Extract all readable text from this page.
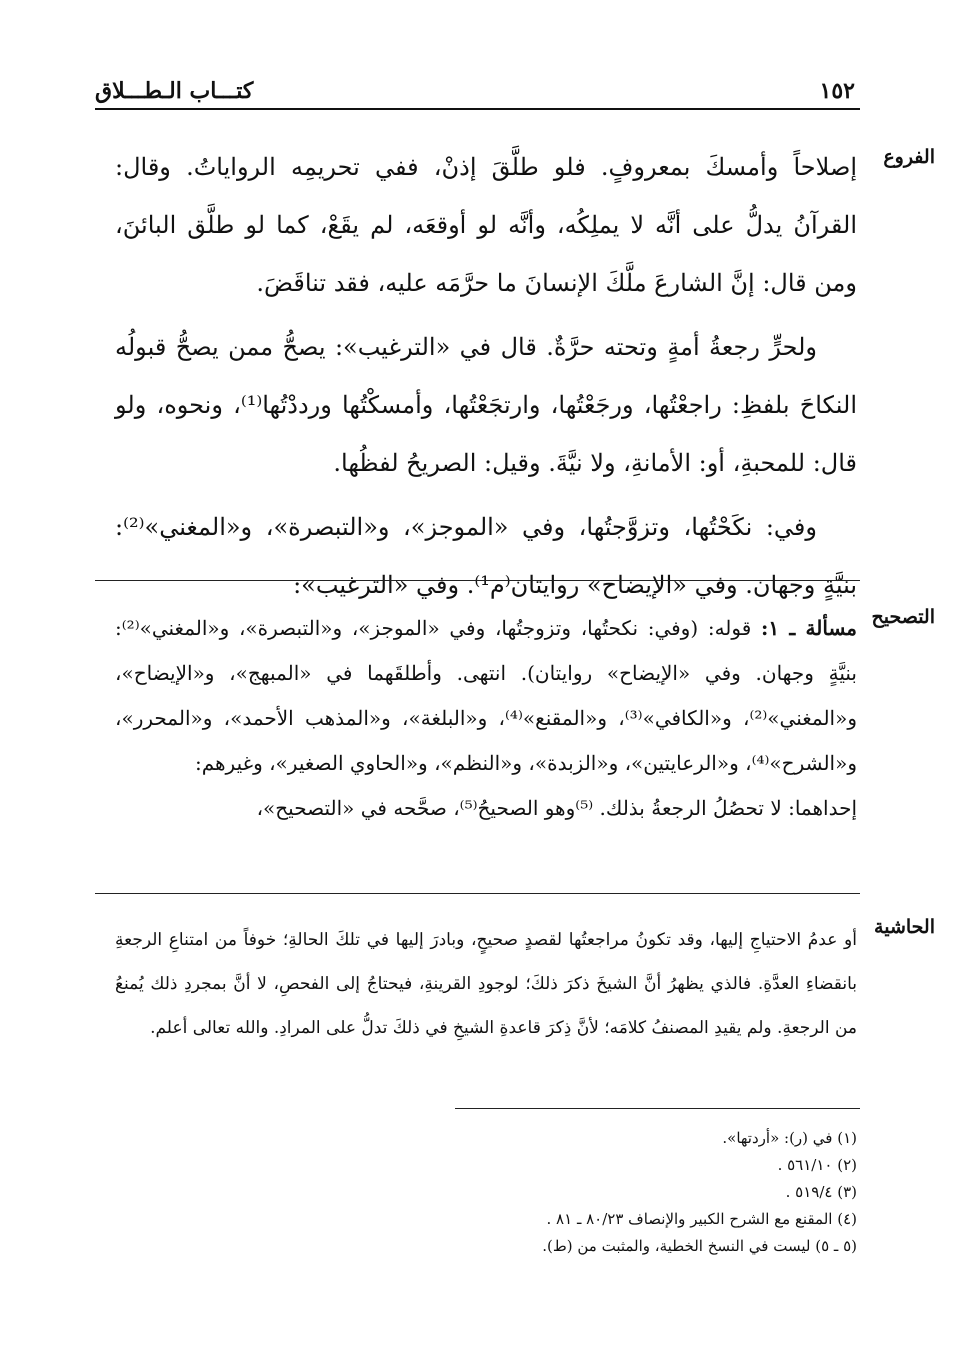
١٥٢
كتـــاب الـطـــلاق
الفروع

إصلاحاً وأمسكَ بمعروفٍ. فلو طلَّقَ إذنْ، ففي تحريمِه الرواياتُ. وقال: القرآنُ يدلُّ على أنَّه لا يملِكُه، وأنَّه لو أوقعَه، لم يقَعْ، كما لو طلَّق البائنَ، ومن قال: إنَّ الشارعَ ملَّكَ الإنسانَ ما حرَّمَه عليه، فقد تناقَضَ.

ولحرٍّ رجعةُ أمةٍ وتحته حرَّةٌ. قال في «الترغيب»: يصحُّ ممن يصحُّ قبولُه النكاحَ بلفظِ: راجعْتُها، ورجَعْتُها، وارتجَعْتُها، وأمسكْتُها ورددْتُها⁽¹⁾، ونحوه، ولو قال: للمحبةِ، أو: الأمانةِ، ولا نيَّةَ. وقيل: الصريحُ لفظُها.

وفي: نكَحْتُها، وتزوَّجتُها، وفي «الموجز»، و«التبصرة»، و«المغني»⁽²⁾: بنيَّةٍ وجهان. وفي «الإيضاح» روايتان⁽م¹⁾. وفي «الترغيب»:

التصحيح

مسألة ـ ١: قوله: (وفي: نكحتُها، وتزوجتُها، وفي «الموجز»، و«التبصرة»، و«المغني»⁽²⁾: بنيَّةٍ وجهان. وفي «الإيضاح» روايتان). انتهى. وأطلقَهما في «المبهج»، و«الإيضاح»، و«المغني»⁽²⁾، و«الكافي»⁽³⁾، و«المقنع»⁽⁴⁾، و«البلغة»، و«المذهب الأحمد»، و«المحرر»، و«الشرح»⁽⁴⁾، و«الرعايتين»، و«الزبدة»، و«النظم»، و«الحاوي الصغير»، وغيرهم:

إحداهما: لا تحصُلُ الرجعةُ بذلك. ⁽⁵⁾وهو الصحيحُ⁽⁵⁾، صحَّحه في «التصحيح»،

الحاشية

أو عدمُ الاحتياجِ إليها، وقد تكونُ مراجعتُها لقصدٍ صحيحٍ، وبادرَ إليها في تلكَ الحالةِ؛ خوفاً من امتناعِ الرجعةِ بانقضاءِ العدَّةِ. فالذي يظهرُ أنَّ الشيخَ ذكرَ ذلكَ؛ لوجودِ القرينةِ، فيحتاجُ إلى الفحصِ، لا أنَّ بمجردِ ذلك يُمنعُ من الرجعةِ. ولم يقيدِ المصنفُ كلامَه؛ لأنَّ ذِكرَ قاعدةِ الشيخِ في ذلكَ تدلُّ على المرادِ. والله تعالى أعلم.

(١) في (ر): «أردتها».
(٢) ٥٦١/١٠ .
(٣) ٥١٩/٤ .
(٤) المقنع مع الشرح الكبير والإنصاف ٨٠/٢٣ ـ ٨١ .
(٥ ـ ٥) ليست في النسخ الخطية، والمثبت من (ط).
